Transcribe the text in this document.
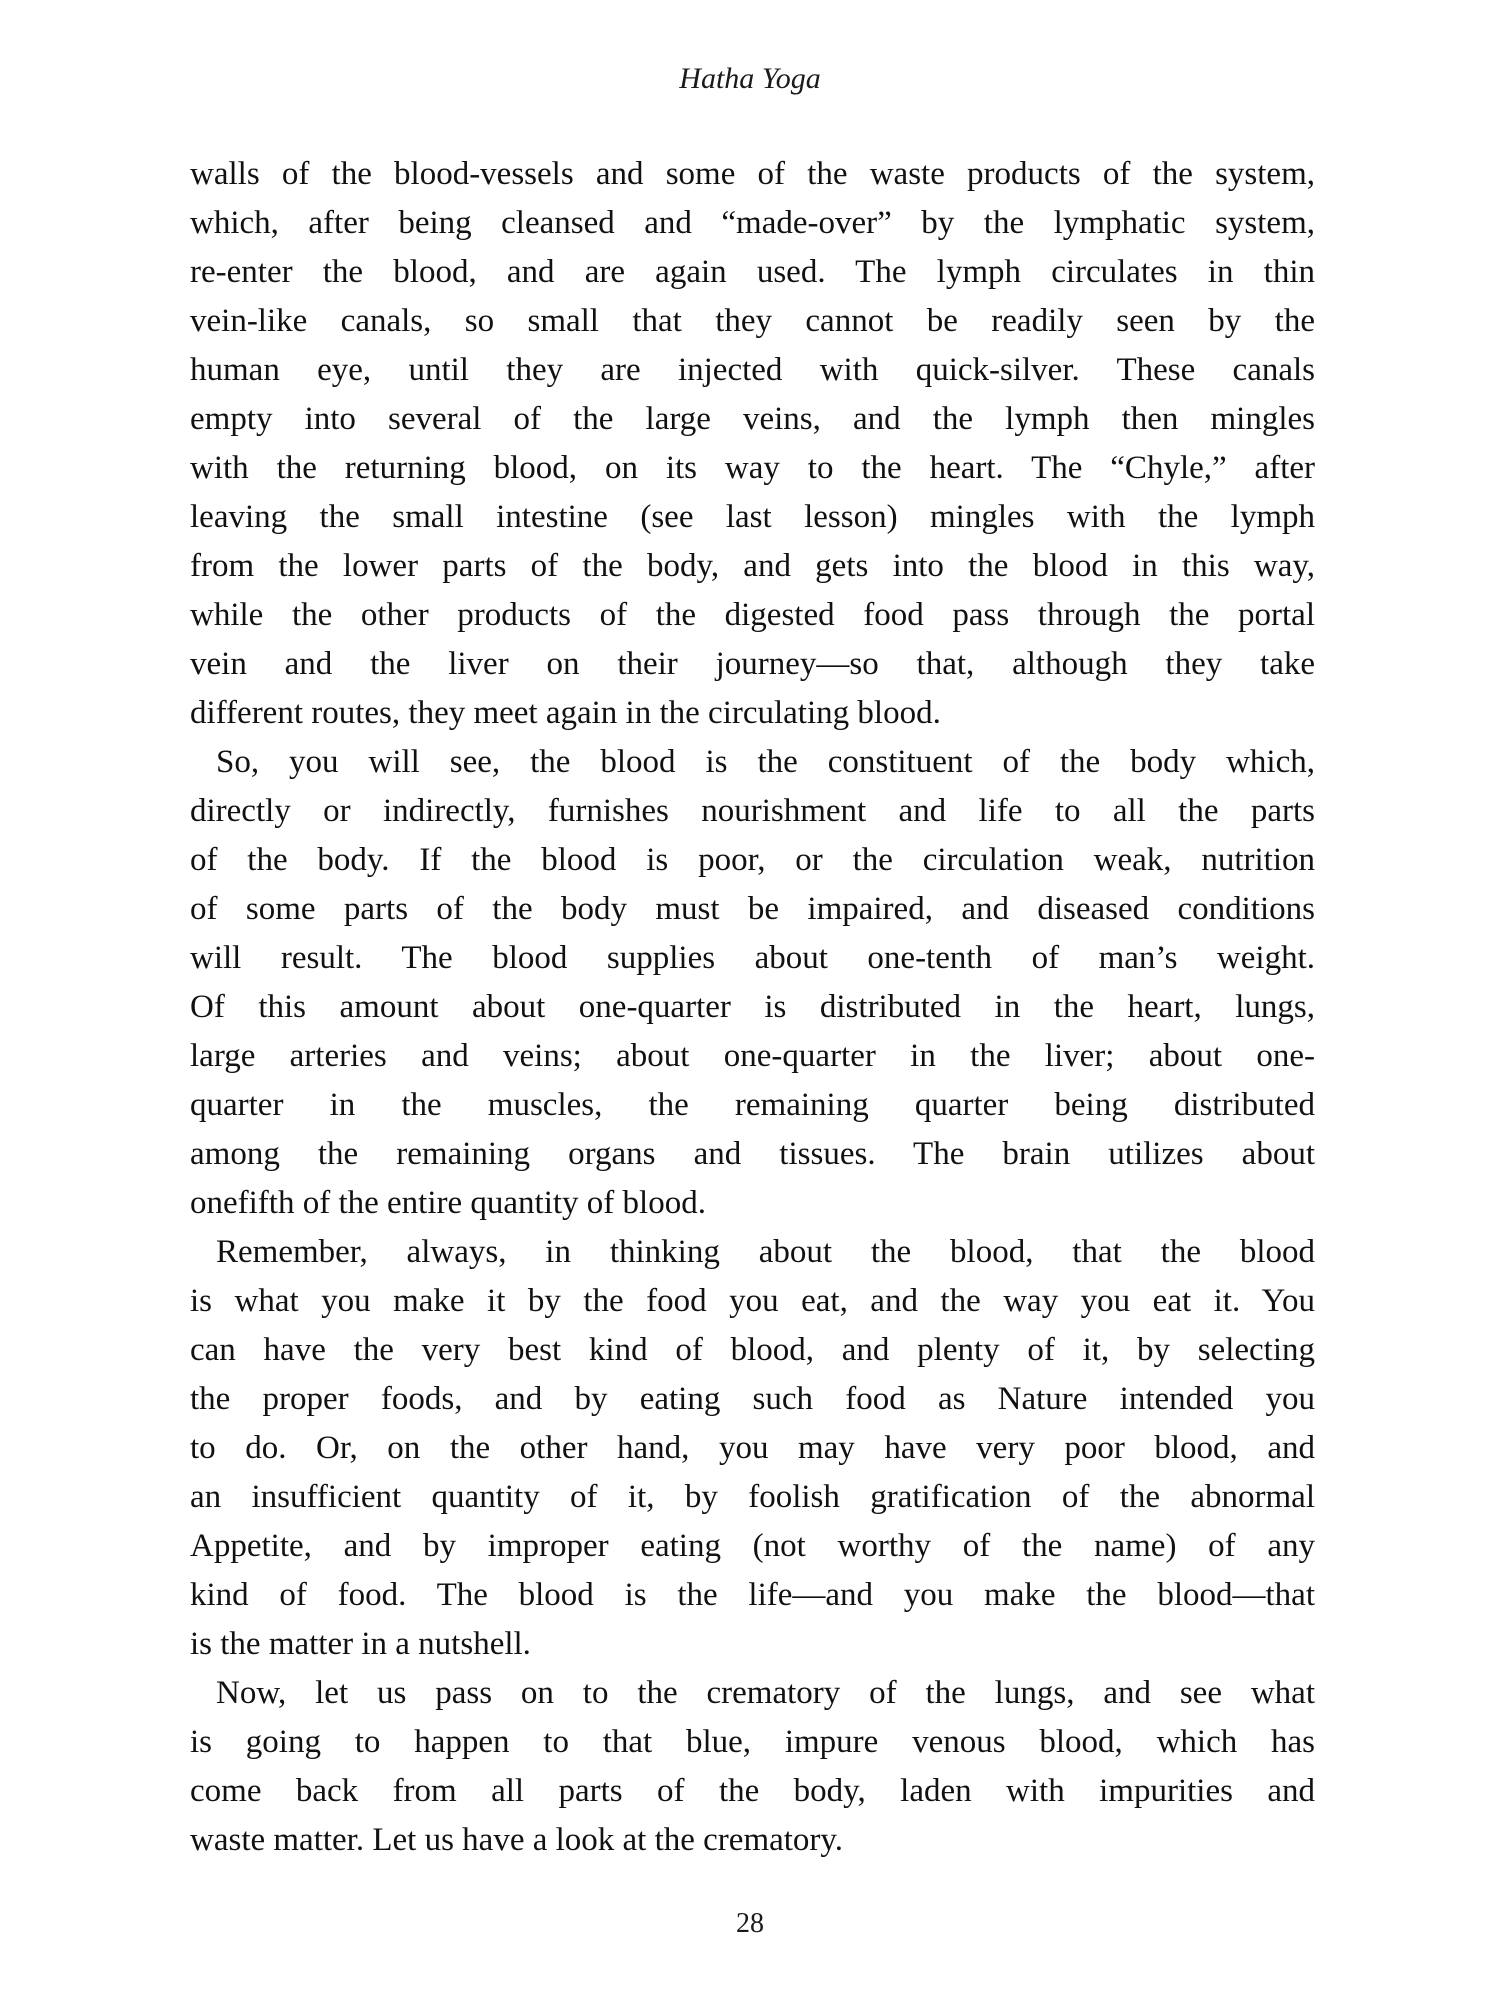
Hatha Yoga
walls of the blood-vessels and some of the waste products of the system,
which, after being cleansed and “made-over” by the lymphatic system,
re-enter the blood, and are again used. The lymph circulates in thin
vein-like canals, so small that they cannot be readily seen by the
human eye, until they are injected with quick-silver. These canals
empty into several of the large veins, and the lymph then mingles
with the returning blood, on its way to the heart. The “Chyle,” after
leaving the small intestine (see last lesson) mingles with the lymph
from the lower parts of the body, and gets into the blood in this way,
while the other products of the digested food pass through the portal
vein and the liver on their journey—so that, although they take
different routes, they meet again in the circulating blood.
So, you will see, the blood is the constituent of the body which,
directly or indirectly, furnishes nourishment and life to all the parts
of the body. If the blood is poor, or the circulation weak, nutrition
of some parts of the body must be impaired, and diseased conditions
will result. The blood supplies about one-tenth of man’s weight.
Of this amount about one-quarter is distributed in the heart, lungs,
large arteries and veins; about one-quarter in the liver; about one-
quarter in the muscles, the remaining quarter being distributed
among the remaining organs and tissues. The brain utilizes about
onefifth of the entire quantity of blood.
Remember, always, in thinking about the blood, that the blood
is what you make it by the food you eat, and the way you eat it. You
can have the very best kind of blood, and plenty of it, by selecting
the proper foods, and by eating such food as Nature intended you
to do. Or, on the other hand, you may have very poor blood, and
an insufficient quantity of it, by foolish gratification of the abnormal
Appetite, and by improper eating (not worthy of the name) of any
kind of food. The blood is the life—and you make the blood—that
is the matter in a nutshell.
Now, let us pass on to the crematory of the lungs, and see what
is going to happen to that blue, impure venous blood, which has
come back from all parts of the body, laden with impurities and
waste matter. Let us have a look at the crematory.
28
